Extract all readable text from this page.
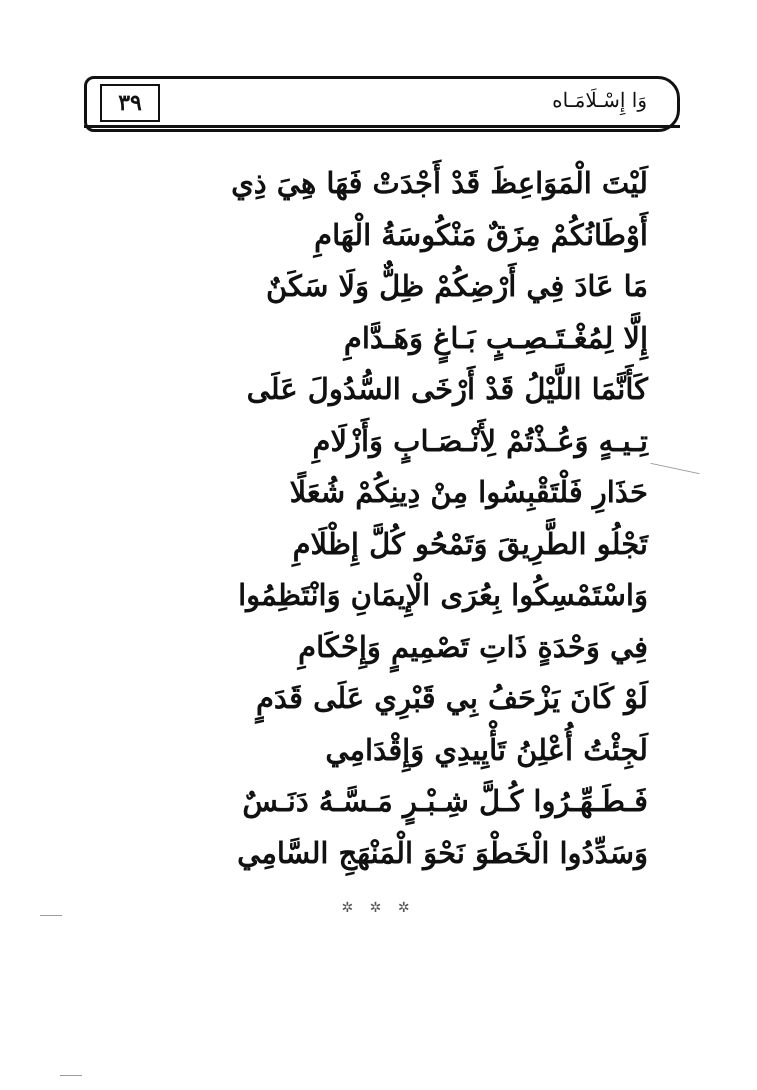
٣٩	وَا إِسْـلَامَـاه
لَيْتَ الْمَوَاعِظَ قَدْ أَجْدَتْ فَهَا هِيَ ذِي
أَوْطَانُكُمْ مِزَقٌ مَنْكُوسَةُ الْهَامِ
مَا عَادَ فِي أَرْضِكُمْ ظِلٌّ وَلَا سَكَنٌ
إِلَّا لِمُغْـتَـصِـبٍ بَـاغٍ وَهَـدَّامِ
كَأَنَّمَا اللَّيْلُ قَدْ أَرْخَى السُّدُولَ عَلَى
تِـيـهٍ وَعُـذْتُمْ لِأَنْـصَـابٍ وَأَزْلَامِ
حَذَارِ فَلْتَقْبِسُوا مِنْ دِينِكُمْ شُعَلًا
تَجْلُو الطَّرِيقَ وَتَمْحُو كُلَّ إِظْلَامِ
وَاسْتَمْسِكُوا بِعُرَى الْإِيمَانِ وَانْتَظِمُوا
فِي وَحْدَةٍ ذَاتِ تَصْمِيمٍ وَإِحْكَامِ
لَوْ كَانَ يَزْحَفُ بِي قَبْرِي عَلَى قَدَمٍ
لَجِئْتُ أُعْلِنُ تَأْيِيدِي وَإِقْدَامِي
فَـطَـهِّـرُوا كُـلَّ شِـبْـرٍ مَـسَّـهُ دَنَـسٌ
وَسَدِّدُوا الْخَطْوَ نَحْوَ الْمَنْهَجِ السَّامِي
✲ ✲ ✲
